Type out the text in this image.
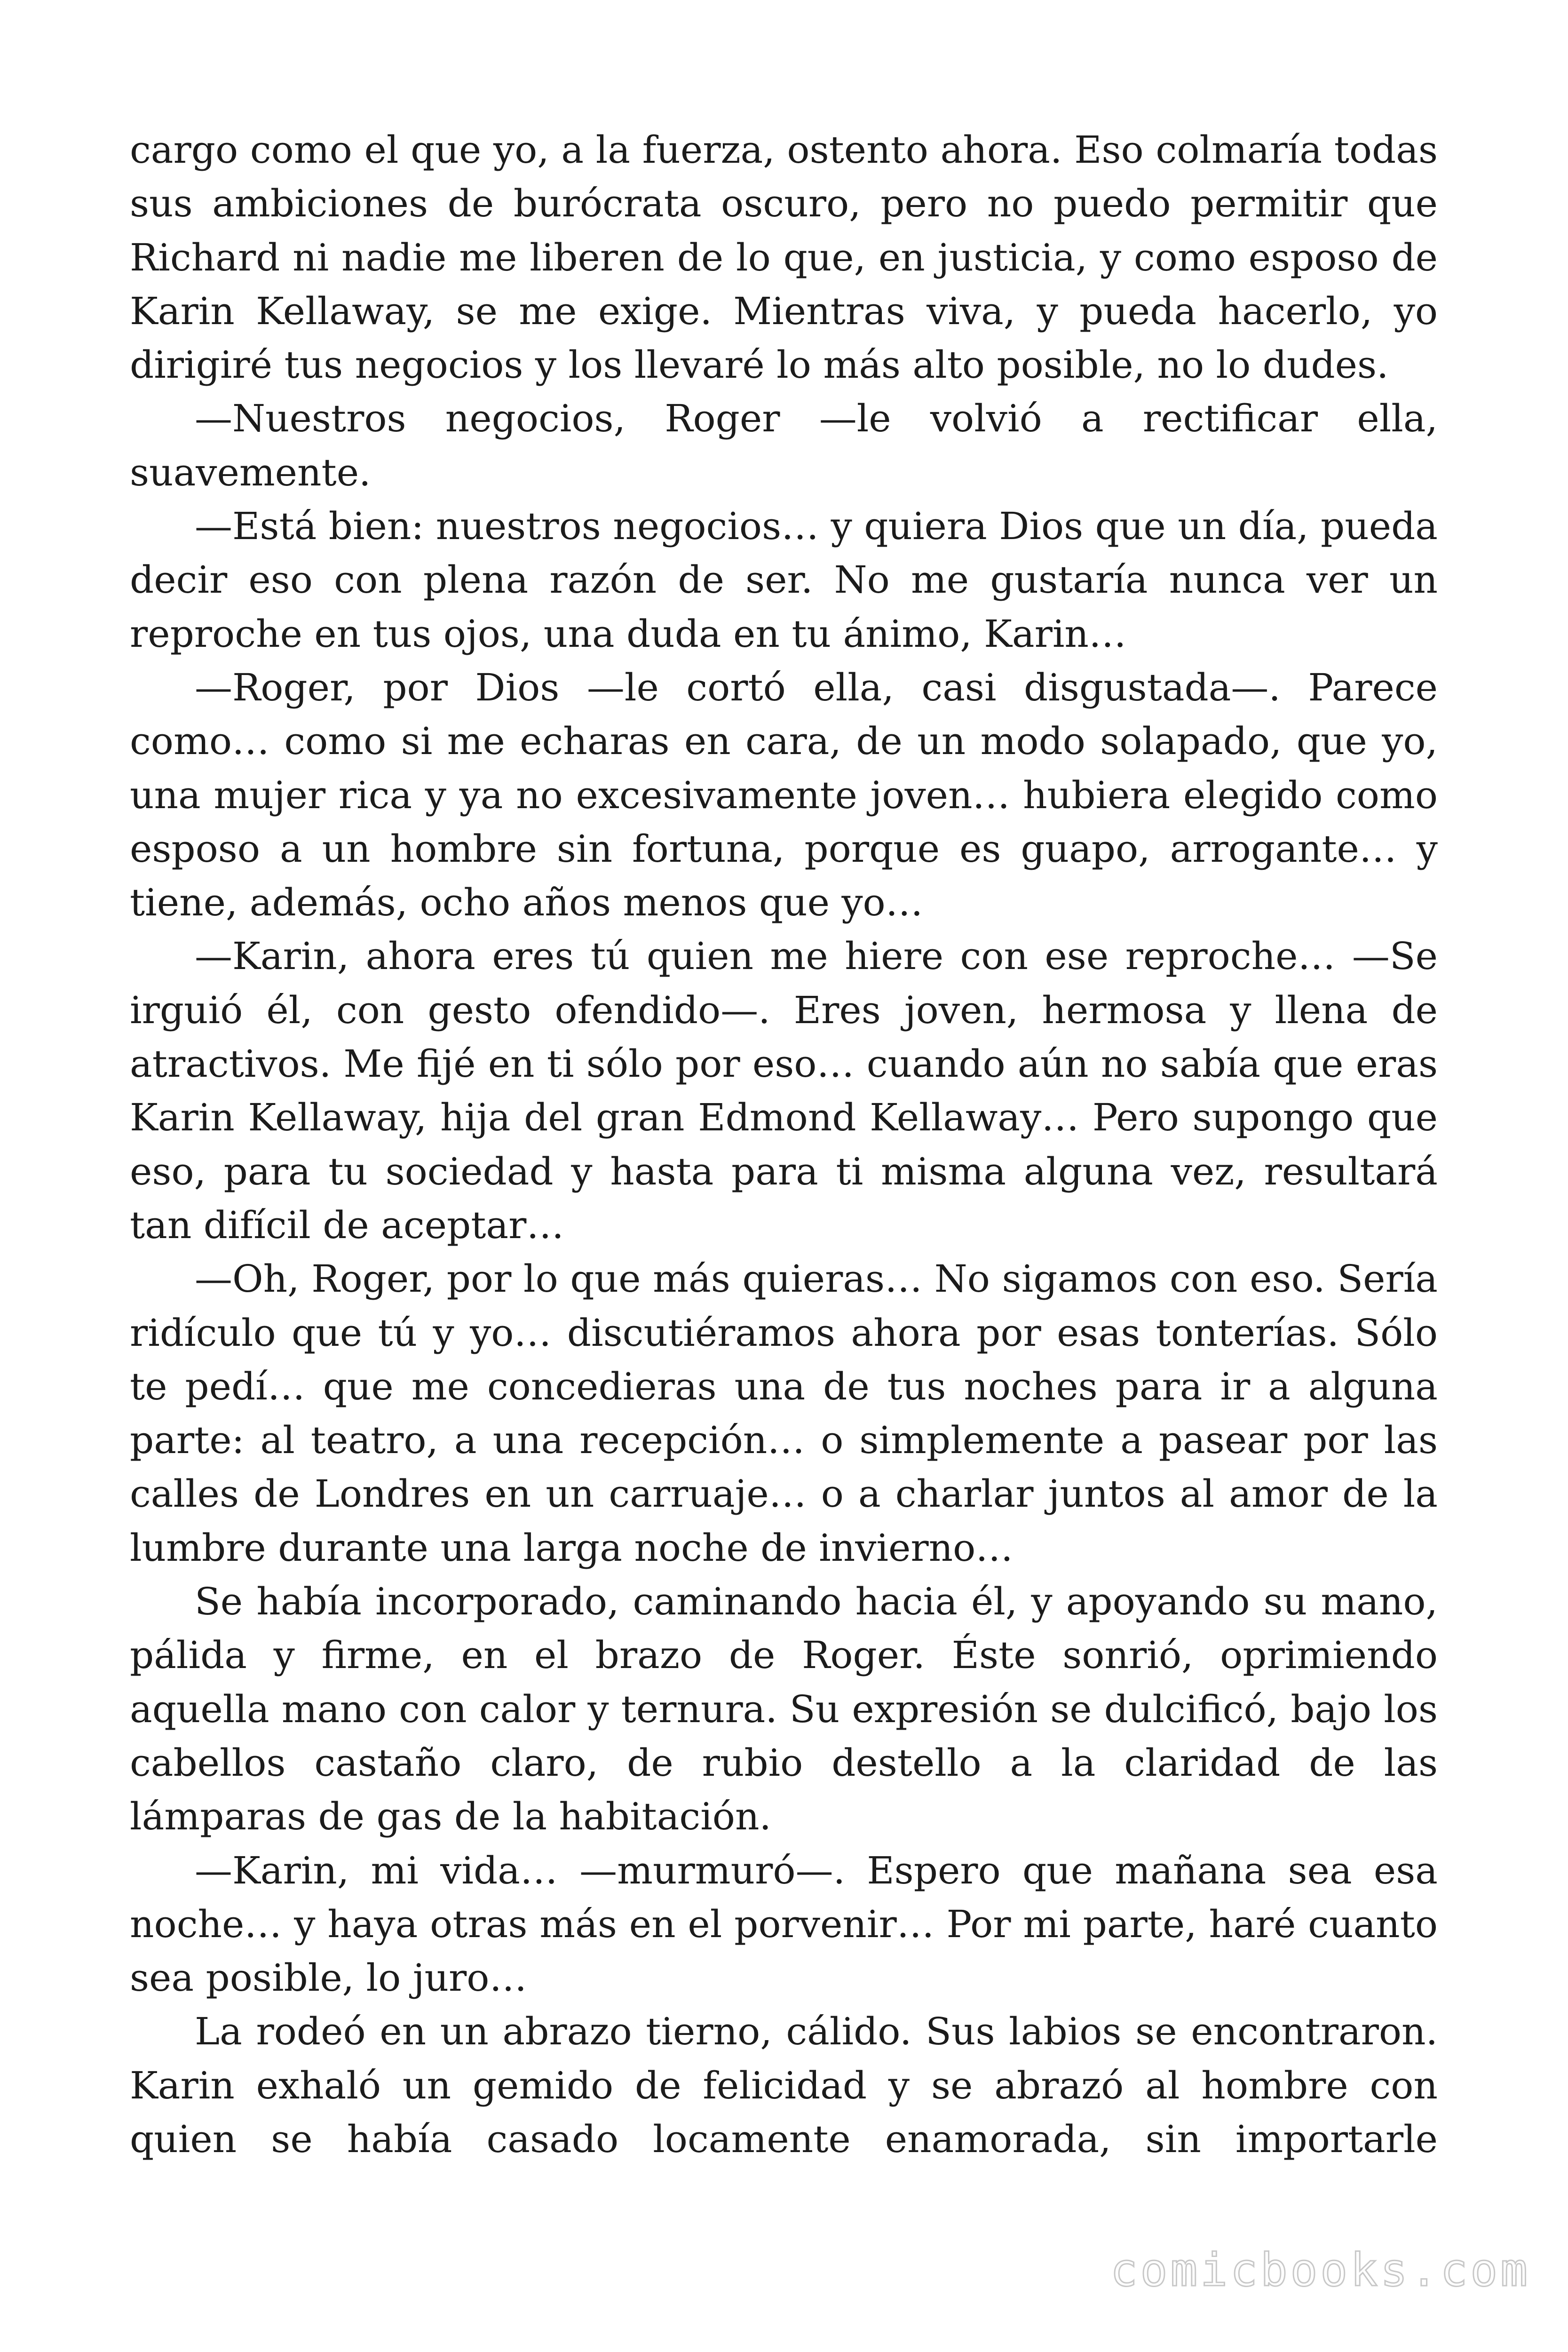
cargo como el que yo, a la fuerza, ostento ahora. Eso colmaría todas sus ambiciones de burócrata oscuro, pero no puedo permitir que Richard ni nadie me liberen de lo que, en justicia, y como esposo de Karin Kellaway, se me exige. Mientras viva, y pueda hacerlo, yo dirigiré tus negocios y los llevaré lo más alto posible, no lo dudes.

—Nuestros negocios, Roger —le volvió a rectificar ella, suavemente.

—Está bien: nuestros negocios… y quiera Dios que un día, pueda decir eso con plena razón de ser. No me gustaría nunca ver un reproche en tus ojos, una duda en tu ánimo, Karin…

—Roger, por Dios —le cortó ella, casi disgustada—. Parece como… como si me echaras en cara, de un modo solapado, que yo, una mujer rica y ya no excesivamente joven… hubiera elegido como esposo a un hombre sin fortuna, porque es guapo, arrogante… y tiene, además, ocho años menos que yo…

—Karin, ahora eres tú quien me hiere con ese reproche… —Se irguió él, con gesto ofendido—. Eres joven, hermosa y llena de atractivos. Me fijé en ti sólo por eso… cuando aún no sabía que eras Karin Kellaway, hija del gran Edmond Kellaway… Pero supongo que eso, para tu sociedad y hasta para ti misma alguna vez, resultará tan difícil de aceptar…

—Oh, Roger, por lo que más quieras… No sigamos con eso. Sería ridículo que tú y yo… discutiéramos ahora por esas tonterías. Sólo te pedí… que me concedieras una de tus noches para ir a alguna parte: al teatro, a una recepción… o simplemente a pasear por las calles de Londres en un carruaje… o a charlar juntos al amor de la lumbre durante una larga noche de invierno…

Se había incorporado, caminando hacia él, y apoyando su mano, pálida y firme, en el brazo de Roger. Éste sonrió, oprimiendo aquella mano con calor y ternura. Su expresión se dulcificó, bajo los cabellos castaño claro, de rubio destello a la claridad de las lámparas de gas de la habitación.

—Karin, mi vida… —murmuró—. Espero que mañana sea esa noche… y haya otras más en el porvenir… Por mi parte, haré cuanto sea posible, lo juro…

La rodeó en un abrazo tierno, cálido. Sus labios se encontraron. Karin exhaló un gemido de felicidad y se abrazó al hombre con quien se había casado locamente enamorada, sin importarle

comicbooks.com
